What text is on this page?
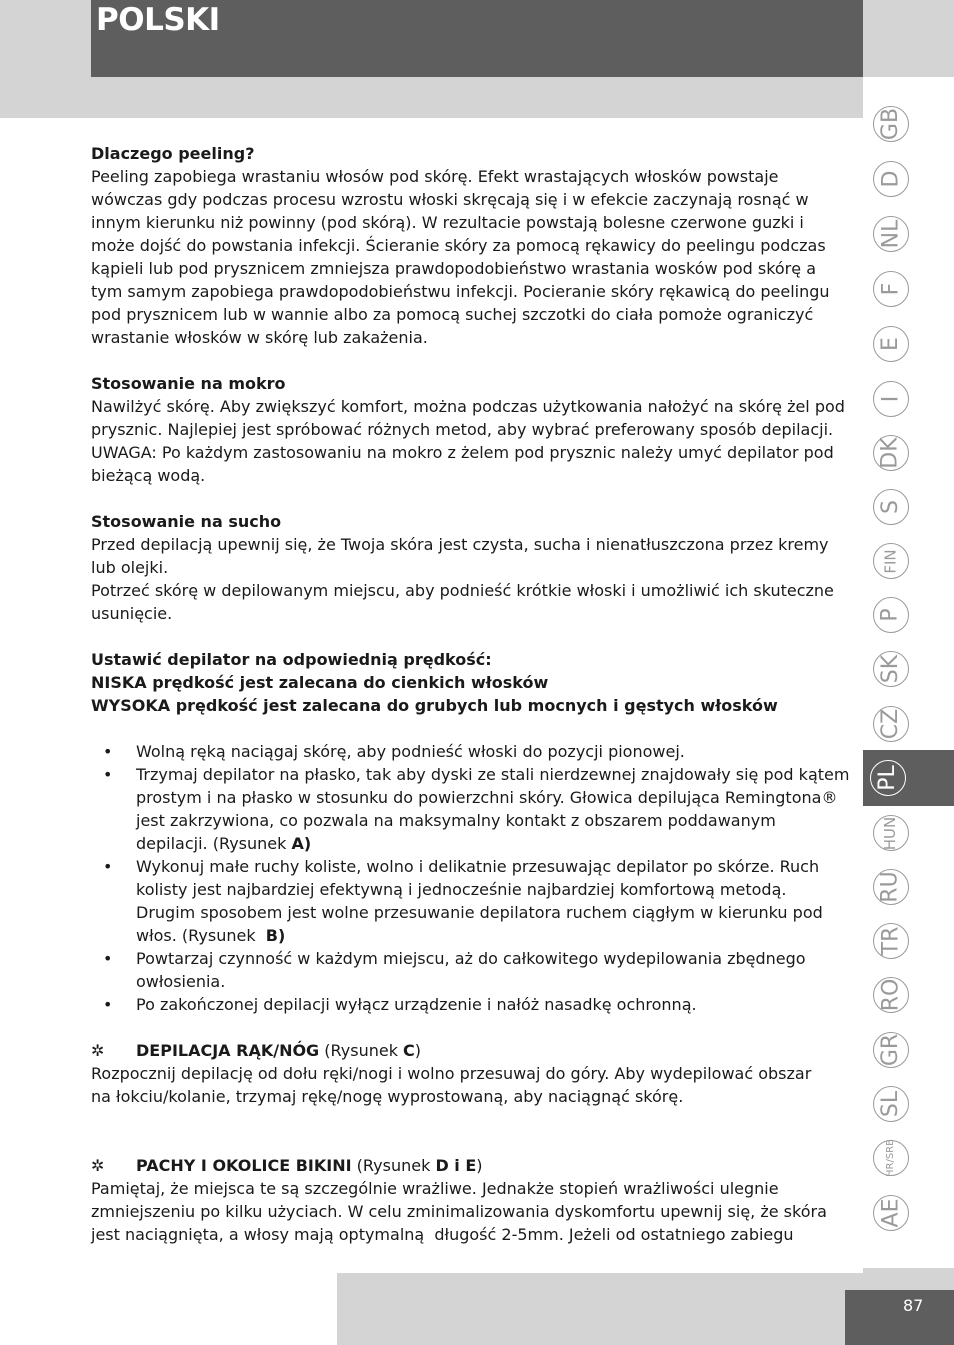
POLSKI

Dlaczego peeling?

Peeling zapobiega wrastaniu włosów pod skórę. Efekt wrastających włosków powstaje

wówczas gdy podczas procesu wzrostu włoski skręcają się i w efekcie zaczynają rosnąć w

innym kierunku niż powinny (pod skórą). W rezultacie powstają bolesne czerwone guzki i

może dojść do powstania infekcji. Ścieranie skóry za pomocą rękawicy do peelingu podczas

kąpieli lub pod prysznicem zmniejsza prawdopodobieństwo wrastania wosków pod skórę a

tym samym zapobiega prawdopodobieństwu infekcji. Pocieranie skóry rękawicą do peelingu

pod prysznicem lub w wannie albo za pomocą suchej szczotki do ciała pomoże ograniczyć

wrastanie włosków w skórę lub zakażenia.

Stosowanie na mokro

Nawilżyć skórę. Aby zwiększyć komfort, można podczas użytkowania nałożyć na skórę żel pod

prysznic. Najlepiej jest spróbować różnych metod, aby wybrać preferowany sposób depilacji.

UWAGA: Po każdym zastosowaniu na mokro z żelem pod prysznic należy umyć depilator pod

bieżącą wodą.

Stosowanie na sucho

Przed depilacją upewnij się, że Twoja skóra jest czysta, sucha i nienatłuszczona przez kremy

lub olejki.

Potrzeć skórę w depilowanym miejscu, aby podnieść krótkie włoski i umożliwić ich skuteczne

usunięcie.

Ustawić depilator na odpowiednią prędkość:

NISKA prędkość jest zalecana do cienkich włosków

WYSOKA prędkość jest zalecana do grubych lub mocnych i gęstych włosków

• Wolną ręką naciągaj skórę, aby podnieść włoski do pozycji pionowej.
• Trzymaj depilator na płasko, tak aby dyski ze stali nierdzewnej znajdowały się pod kątem

prostym i na płasko w stosunku do powierzchni skóry. Głowica depilująca Remingtona®

jest zakrzywiona, co pozwala na maksymalny kontakt z obszarem poddawanym

depilacji. (Rysunek A)

• Wykonuj małe ruchy koliste, wolno i delikatnie przesuwając depilator po skórze. Ruch

kolisty jest najbardziej efektywną i jednocześnie najbardziej komfortową metodą.

Drugim sposobem jest wolne przesuwanie depilatora ruchem ciągłym w kierunku pod

włos. (Rysunek  B)

• Powtarzaj czynność w każdym miejscu, aż do całkowitego wydepilowania zbędnego

owłosienia.

• Po zakończonej depilacji wyłącz urządzenie i nałóż nasadkę ochronną.

✲ DEPILACJA RĄK/NÓG (Rysunek C)

Rozpocznij depilację od dołu ręki/nogi i wolno przesuwaj do góry. Aby wydepilować obszar

na łokciu/kolanie, trzymaj rękę/nogę wyprostowaną, aby naciągnąć skórę.

✲ PACHY I OKOLICE BIKINI (Rysunek D i E)

Pamiętaj, że miejsca te są szczególnie wrażliwe. Jednakże stopień wrażliwości ulegnie

zmniejszeniu po kilku użyciach. W celu zminimalizowania dyskomfortu upewnij się, że skóra

jest naciągnięta, a włosy mają optymalną  długość 2-5mm. Jeżeli od ostatniego zabiegu

GB
D
NL
F
E
I
DK
S
FIN
P
SK
CZ
PL
HUN
RU
TR
RO
GR
SL
HR/SRB
AE
87
